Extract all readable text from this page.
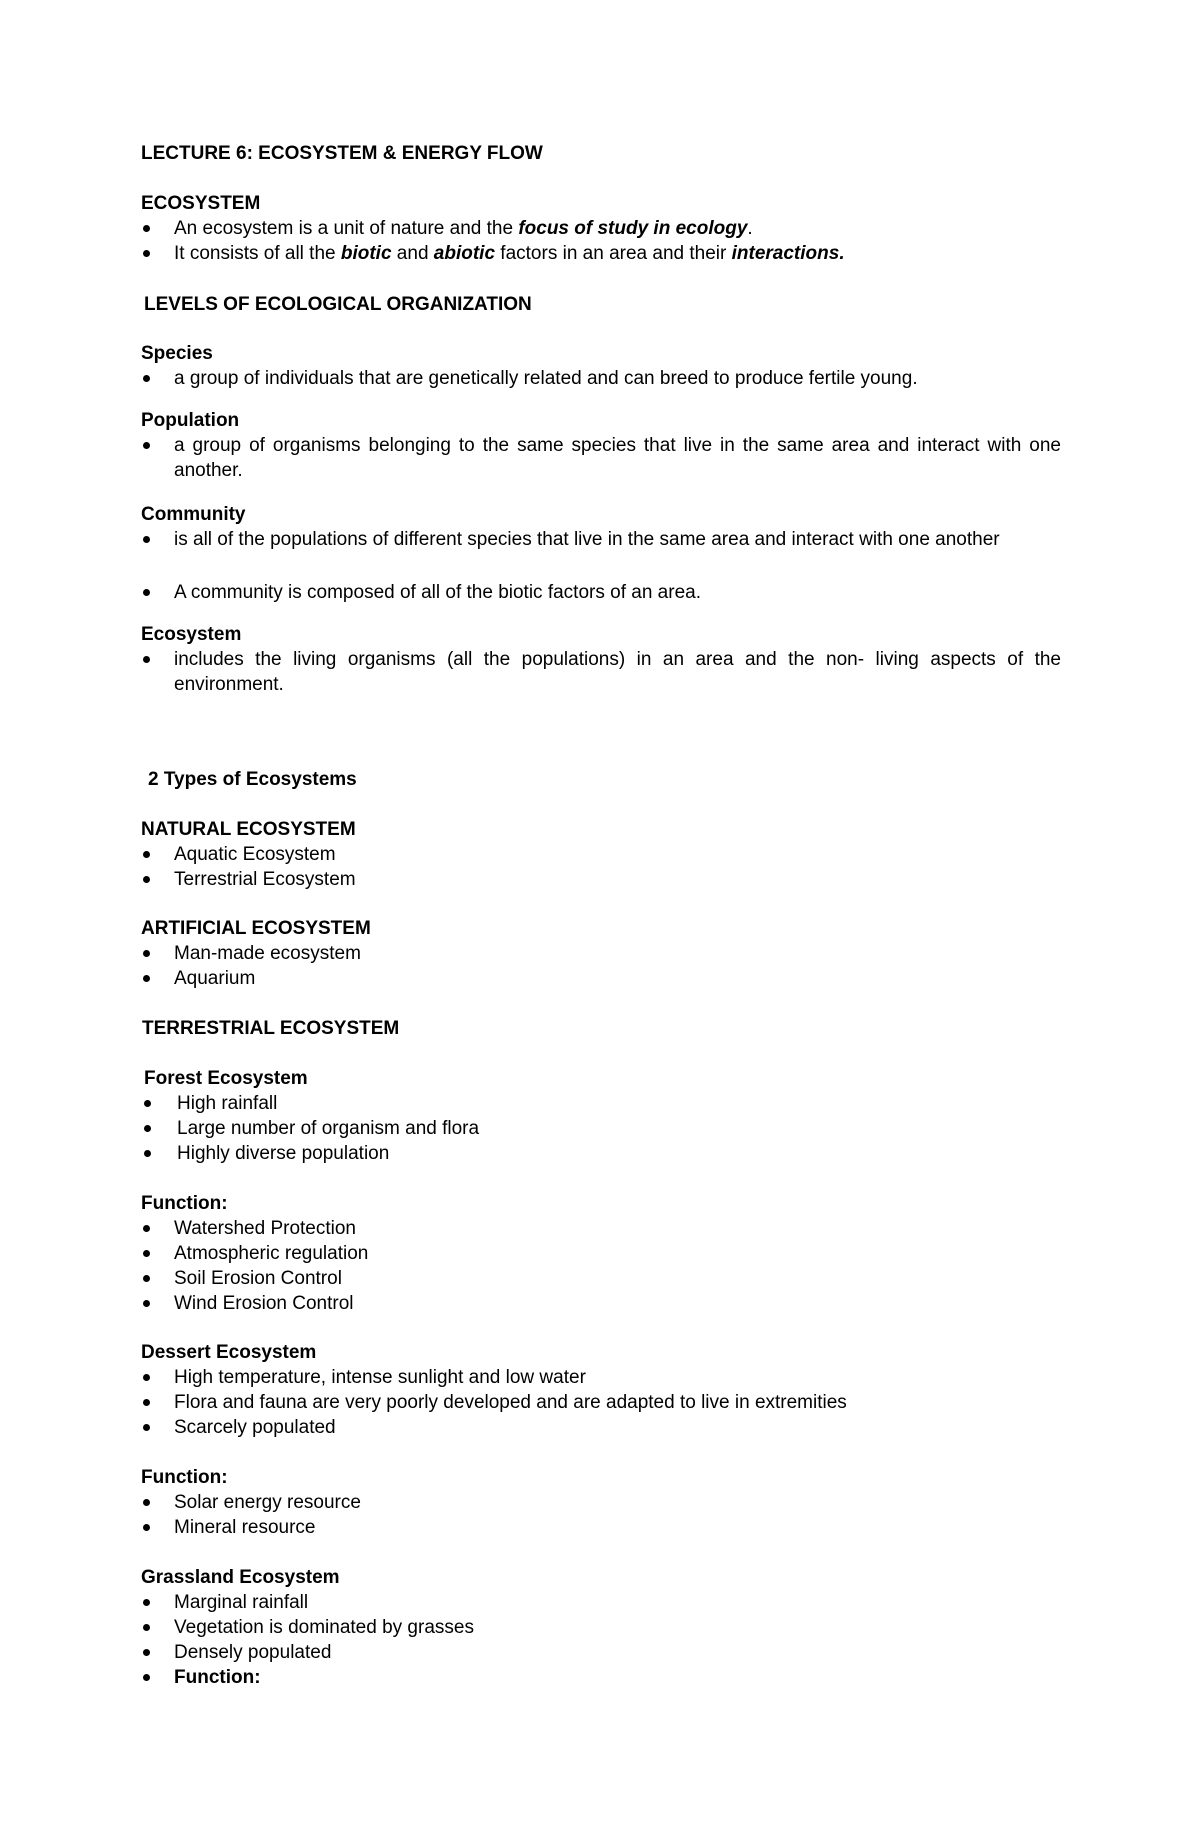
LECTURE 6: ECOSYSTEM & ENERGY FLOW
ECOSYSTEM
An ecosystem is a unit of nature and the focus of study in ecology.
It consists of all the biotic and abiotic factors in an area and their interactions.
LEVELS OF ECOLOGICAL ORGANIZATION
Species
a group of individuals that are genetically related and can breed to produce fertile young.
Population
a group of organisms belonging to the same species that live in the same area and interact with one another.
Community
is all of the populations of different species that live in the same area and interact with one another
A community is composed of all of the biotic factors of an area.
Ecosystem
includes the living organisms (all the populations) in an area and the non- living aspects of the environment.
2 Types of Ecosystems
NATURAL ECOSYSTEM
Aquatic Ecosystem
Terrestrial Ecosystem
ARTIFICIAL ECOSYSTEM
Man-made ecosystem
Aquarium
TERRESTRIAL ECOSYSTEM
Forest Ecosystem
High rainfall
Large number of organism and flora
Highly diverse population
Function:
Watershed Protection
Atmospheric regulation
Soil Erosion Control
Wind Erosion Control
Dessert Ecosystem
High temperature, intense sunlight and low water
Flora and fauna are very poorly developed and are adapted to live in extremities
Scarcely populated
Function:
Solar energy resource
Mineral resource
Grassland Ecosystem
Marginal rainfall
Vegetation is dominated by grasses
Densely populated
Function:
